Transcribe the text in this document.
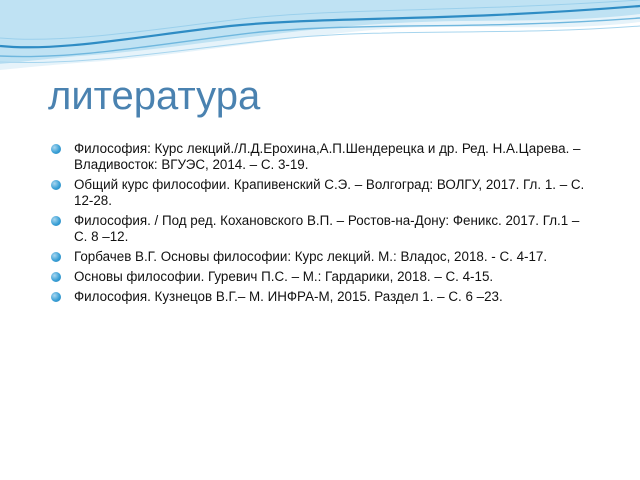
литература
Философия: Курс лекций./Л.Д.Ерохина,А.П.Шендерецка и др. Ред. Н.А.Царева. – Владивосток: ВГУЭС, 2014. – С. 3-19.
Общий курс философии. Крапивенский С.Э. – Волгоград: ВОЛГУ, 2017. Гл. 1. – С. 12-28.
Философия. / Под ред. Кохановского В.П. – Ростов-на-Дону: Феникс. 2017. Гл.1 – С. 8 –12.
Горбачев В.Г. Основы философии: Курс лекций. М.: Владос, 2018. - С. 4-17.
Основы философии. Гуревич П.С. – М.: Гардарики, 2018. – С. 4-15.
Философия. Кузнецов В.Г.– М. ИНФРА-М, 2015. Раздел 1. – С. 6 –23.
